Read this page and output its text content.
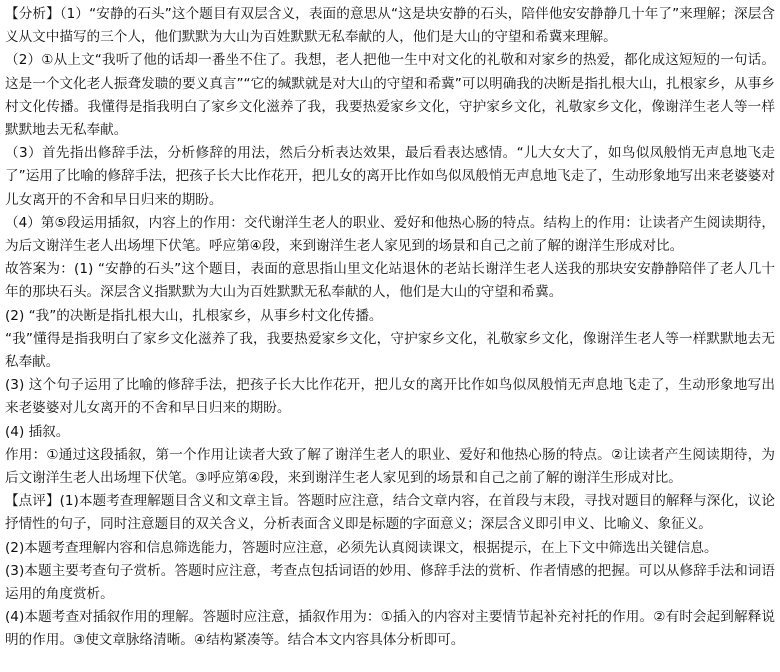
【分析】（1）“安静的石头”这个题目有双层含义，表面的意思从“这是块安静的石头，陪伴他安安静静几十年了”来理解；深层含义从文中描写的三个人，他们默默为大山为百姓默默无私奉献的人，他们是大山的守望和希冀来理解。

（2）①从上文“我听了他的话却一番坐不住了。我想，老人把他一生中对文化的礼敬和对家乡的热爱，都化成这短短的一句话。这是一个文化老人振聋发聩的要义真言”“它的缄默就是对大山的守望和希冀”可以明确我的决断是指扎根大山，扎根家乡，从事乡村文化传播。我懂得是指我明白了家乡文化滋养了我，我要热爱家乡文化，守护家乡文化，礼敬家乡文化，像谢洋生老人等一样默默地去无私奉献。

（3）首先指出修辞手法，分析修辞的用法，然后分析表达效果，最后看表达感情。“儿大女大了，如鸟似凤般悄无声息地飞走了”运用了比喻的修辞手法，把孩子长大比作花开，把儿女的离开比作如鸟似凤般悄无声息地飞走了，生动形象地写出来老婆婆对儿女离开的不舍和早日归来的期盼。

（4）第⑤段运用插叙，内容上的作用：交代谢洋生老人的职业、爱好和他热心肠的特点。结构上的作用：让读者产生阅读期待，为后文谢洋生老人出场埋下伏笔。呼应第④段，来到谢洋生老人家见到的场景和自己之前了解的谢洋生形成对比。

故答案为：(1) “安静的石头”这个题目，表面的意思指山里文化站退休的老站长谢洋生老人送我的那块安安静静陪伴了老人几十年的那块石头。深层含义指默默为大山为百姓默默无私奉献的人，他们是大山的守望和希冀。

(2) “我”的决断是指扎根大山，扎根家乡，从事乡村文化传播。

“我”懂得是指我明白了家乡文化滋养了我，我要热爱家乡文化，守护家乡文化，礼敬家乡文化，像谢洋生老人等一样默默地去无私奉献。

(3) 这个句子运用了比喻的修辞手法，把孩子长大比作花开，把儿女的离开比作如鸟似凤般悄无声息地飞走了，生动形象地写出来老婆婆对儿女离开的不舍和早日归来的期盼。

(4) 插叙。

作用：①通过这段插叙，第一个作用让读者大致了解了谢洋生老人的职业、爱好和他热心肠的特点。②让读者产生阅读期待，为后文谢洋生老人出场埋下伏笔。③呼应第④段，来到谢洋生老人家见到的场景和自己之前了解的谢洋生形成对比。

【点评】(1)本题考查理解题目含义和文章主旨。答题时应注意，结合文章内容，在首段与末段，寻找对题目的解释与深化，议论抒情性的句子，同时注意题目的双关含义，分析表面含义即是标题的字面意义；深层含义即引申义、比喻义、象征义。

(2)本题考查理解内容和信息筛选能力，答题时应注意，必须先认真阅读课文，根据提示，在上下文中筛选出关键信息。

(3)本题主要考查句子赏析。答题时应注意，考查点包括词语的妙用、修辞手法的赏析、作者情感的把握。可以从修辞手法和词语运用的角度赏析。

(4)本题考查对插叙作用的理解。答题时应注意，插叙作用为：①插入的内容对主要情节起补充衬托的作用。②有时会起到解释说明的作用。③使文章脉络清晰。④结构紧凑等。结合本文内容具体分析即可。
